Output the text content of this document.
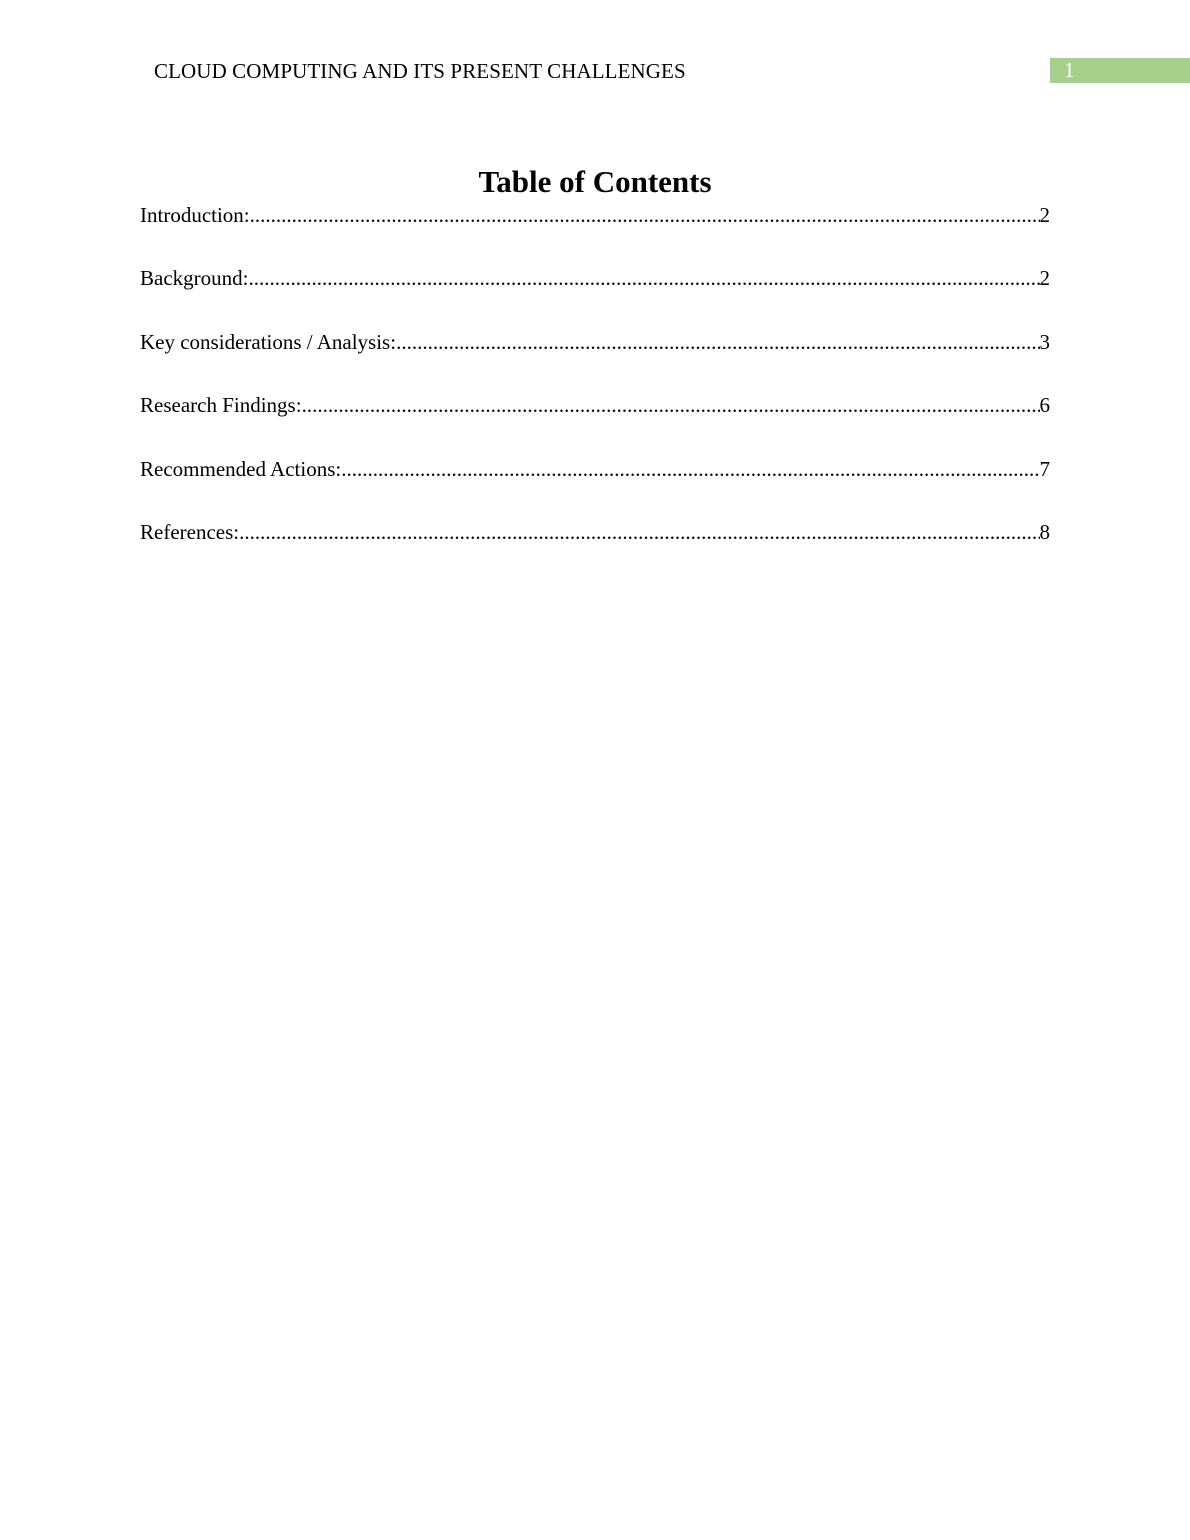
CLOUD COMPUTING AND ITS PRESENT CHALLENGES	1
Table of Contents
Introduction: .....	2
Background: .....	2
Key considerations / Analysis: .....	3
Research Findings: .....	6
Recommended Actions: .....	7
References: .....	8
